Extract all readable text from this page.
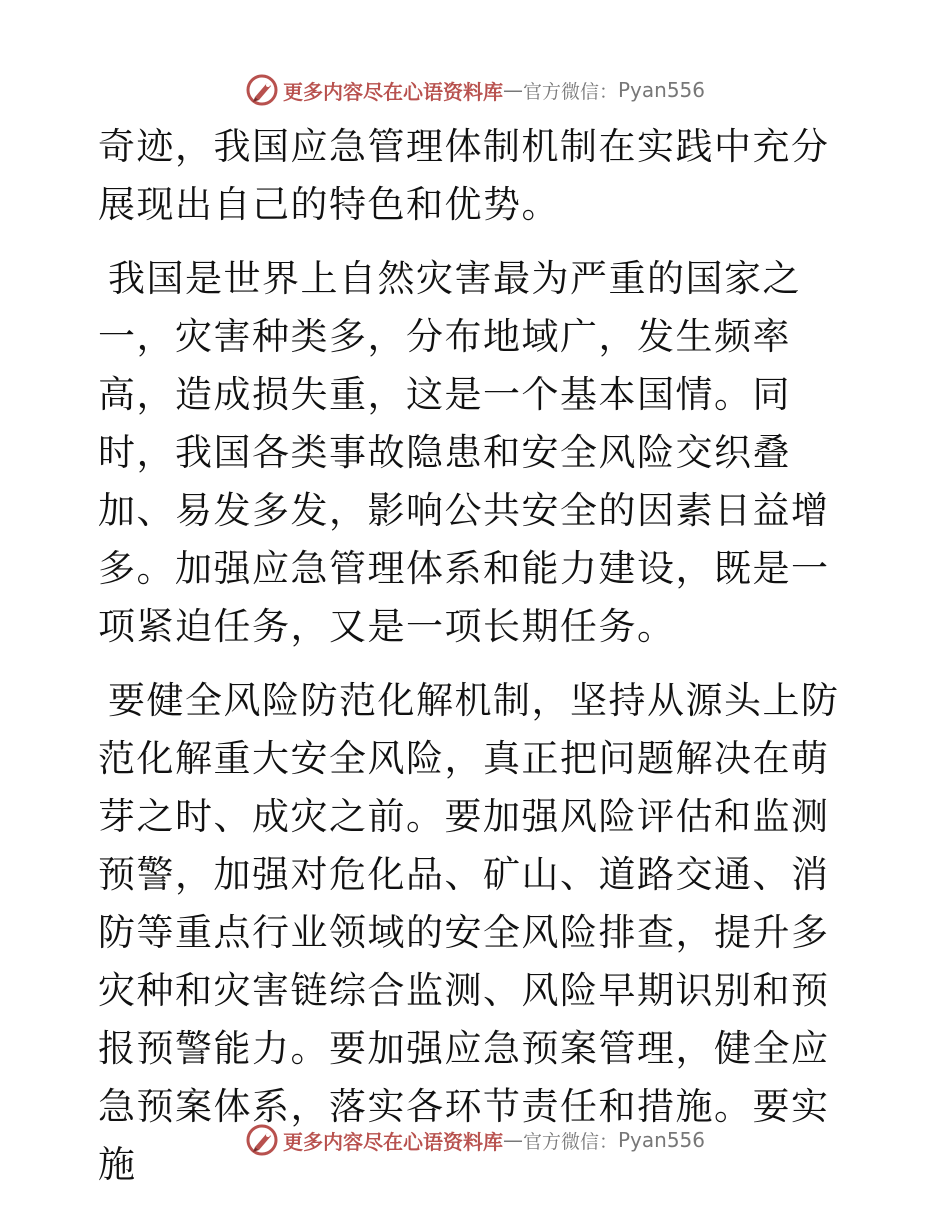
更多内容尽在心语资料库 — 官方微信： Pyan556

奇迹，我国应急管理体制机制在实践中充分展现出自己的特色和优势。

我国是世界上自然灾害最为严重的国家之一，灾害种类多，分布地域广，发生频率高，造成损失重，这是一个基本国情。同时，我国各类事故隐患和安全风险交织叠加、易发多发，影响公共安全的因素日益增多。加强应急管理体系和能力建设，既是一项紧迫任务，又是一项长期任务。

要健全风险防范化解机制，坚持从源头上防范化解重大安全风险，真正把问题解决在萌芽之时、成灾之前。要加强风险评估和监测预警，加强对危化品、矿山、道路交通、消防等重点行业领域的安全风险排查，提升多灾种和灾害链综合监测、风险早期识别和预报预警能力。要加强应急预案管理，健全应急预案体系，落实各环节责任和措施。要实施

更多内容尽在心语资料库 — 官方微信： Pyan556
